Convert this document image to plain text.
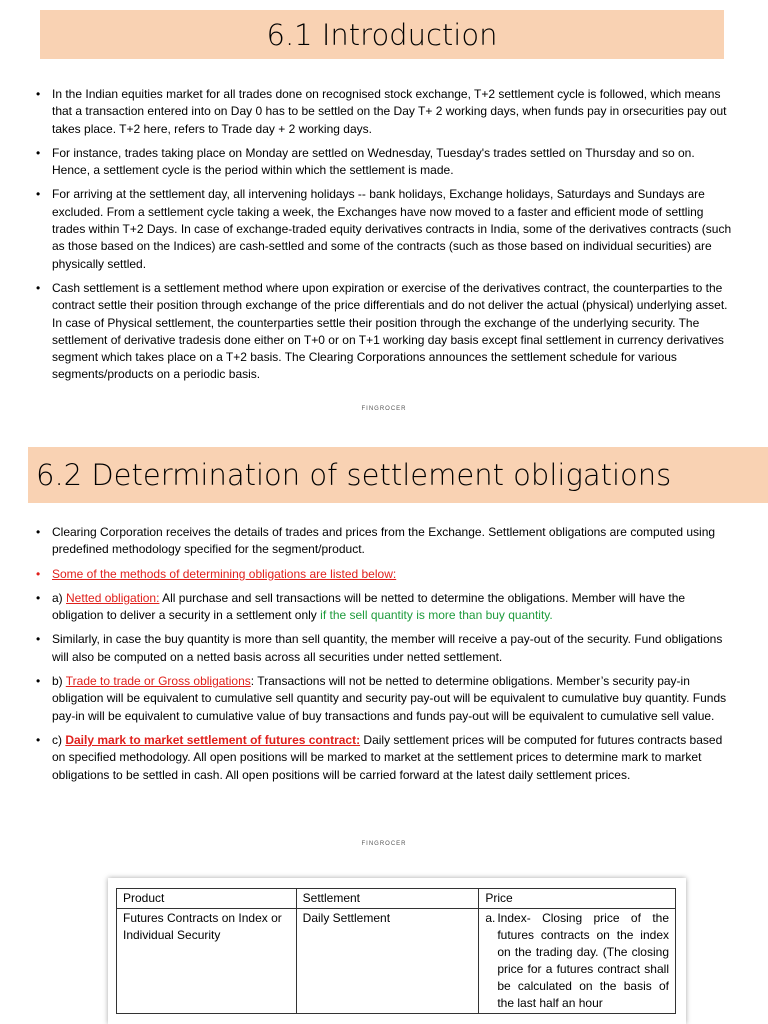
6.1 Introduction
• In the Indian equities market for all trades done on recognised stock exchange, T+2 settlement cycle is followed, which means that a transaction entered into on Day 0 has to be settled on the Day T+ 2 working days, when funds pay in orsecurities pay out takes place. T+2 here, refers to Trade day + 2 working days.
• For instance, trades taking place on Monday are settled on Wednesday, Tuesday's trades settled on Thursday and so on. Hence, a settlement cycle is the period within which the settlement is made.
• For arriving at the settlement day, all intervening holidays -- bank holidays, Exchange holidays, Saturdays and Sundays are excluded. From a settlement cycle taking a week, the Exchanges have now moved to a faster and efficient mode of settling trades within T+2 Days. In case of exchange-traded equity derivatives contracts in India, some of the derivatives contracts (such as those based on the Indices) are cash-settled and some of the contracts (such as those based on individual securities) are physically settled.
• Cash settlement is a settlement method where upon expiration or exercise of the derivatives contract, the counterparties to the contract settle their position through exchange of the price differentials and do not deliver the actual (physical) underlying asset. In case of Physical settlement, the counterparties settle their position through the exchange of the underlying security. The settlement of derivative tradesis done either on T+0 or on T+1 working day basis except final settlement in currency derivatives segment which takes place on a T+2 basis. The Clearing Corporations announces the settlement schedule for various segments/products on a periodic basis.
FINGROCER
6.2 Determination of settlement obligations
• Clearing Corporation receives the details of trades and prices from the Exchange. Settlement obligations are computed using predefined methodology specified for the segment/product.
• Some of the methods of determining obligations are listed below:
• a) Netted obligation: All purchase and sell transactions will be netted to determine the obligations. Member will have the obligation to deliver a security in a settlement only if the sell quantity is more than buy quantity.
• Similarly, in case the buy quantity is more than sell quantity, the member will receive a pay-out of the security. Fund obligations will also be computed on a netted basis across all securities under netted settlement.
• b) Trade to trade or Gross obligations: Transactions will not be netted to determine obligations. Member’s security pay-in obligation will be equivalent to cumulative sell quantity and security pay-out will be equivalent to cumulative buy quantity. Funds pay-in will be equivalent to cumulative value of buy transactions and funds pay-out will be equivalent to cumulative sell value.
• c) Daily mark to market settlement of futures contract: Daily settlement prices will be computed for futures contracts based on specified methodology. All open positions will be marked to market at the settlement prices to determine mark to market obligations to be settled in cash. All open positions will be carried forward at the latest daily settlement prices.
FINGROCER
Product	Settlement	Price
Futures Contracts on Index or Individual Security	Daily Settlement	a. Index- Closing price of the futures contracts on the index on the trading day. (The closing price for a futures contract shall be calculated on the basis of the last half an hour
